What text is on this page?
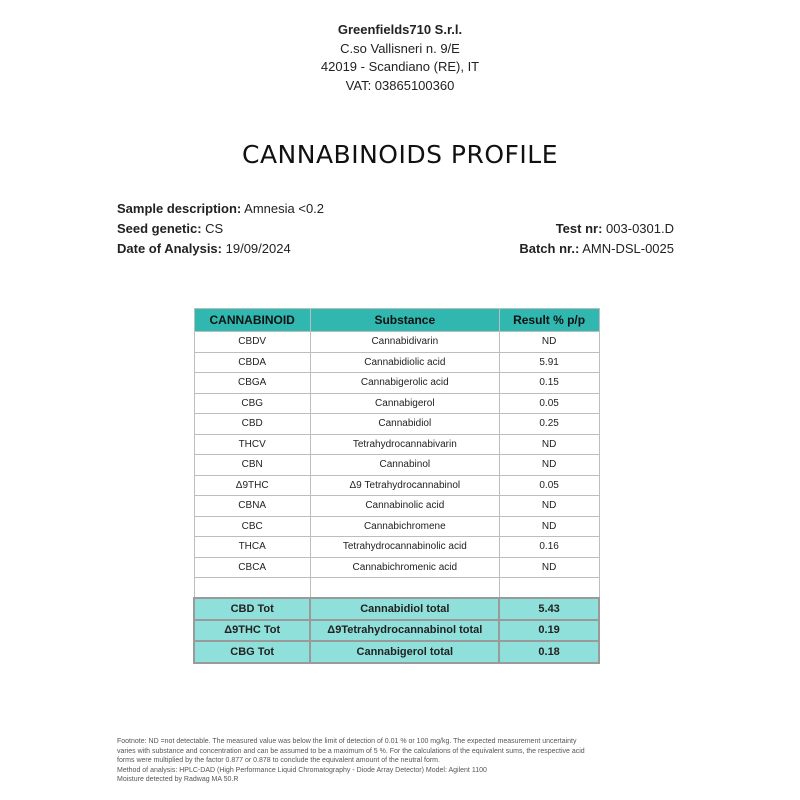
Greenfields710 S.r.l.
C.so Vallisneri n. 9/E
42019 - Scandiano (RE), IT
VAT: 03865100360
CANNABINOIDS PROFILE
Sample description: Amnesia <0.2
Seed genetic: CS
Date of Analysis: 19/09/2024
Test nr: 003-0301.D
Batch nr.: AMN-DSL-0025
CANNABINOID	Substance	Result % p/p
CBDV	Cannabidivarin	ND
CBDA	Cannabidiolic acid	5.91
CBGA	Cannabigerolic acid	0.15
CBG	Cannabigerol	0.05
CBD	Cannabidiol	0.25
THCV	Tetrahydrocannabivarin	ND
CBN	Cannabinol	ND
Δ9THC	Δ9 Tetrahydrocannabinol	0.05
CBNA	Cannabinolic acid	ND
CBC	Cannabichromene	ND
THCA	Tetrahydrocannabinolic acid	0.16
CBCA	Cannabichromenic acid	ND

CBD Tot	Cannabidiol total	5.43
Δ9THC Tot	Δ9Tetrahydrocannabinol total	0.19
CBG Tot	Cannabigerol total	0.18
Footnote: ND =not detectable. The measured value was below the limit of detection of 0.01 % or 100 mg/kg. The expected measurement uncertainty
varies with substance and concentration and can be assumed to be a maximum of 5 %. For the calculations of the equivalent sums, the respective acid
forms were multiplied by the factor 0.877 or 0.878 to conclude the equivalent amount of the neutral form.
Method of analysis: HPLC-DAD (High Performance Liquid Chromatography - Diode Array Detector) Model: Agilent 1100
Moisture detected by Radwag MA 50.R
